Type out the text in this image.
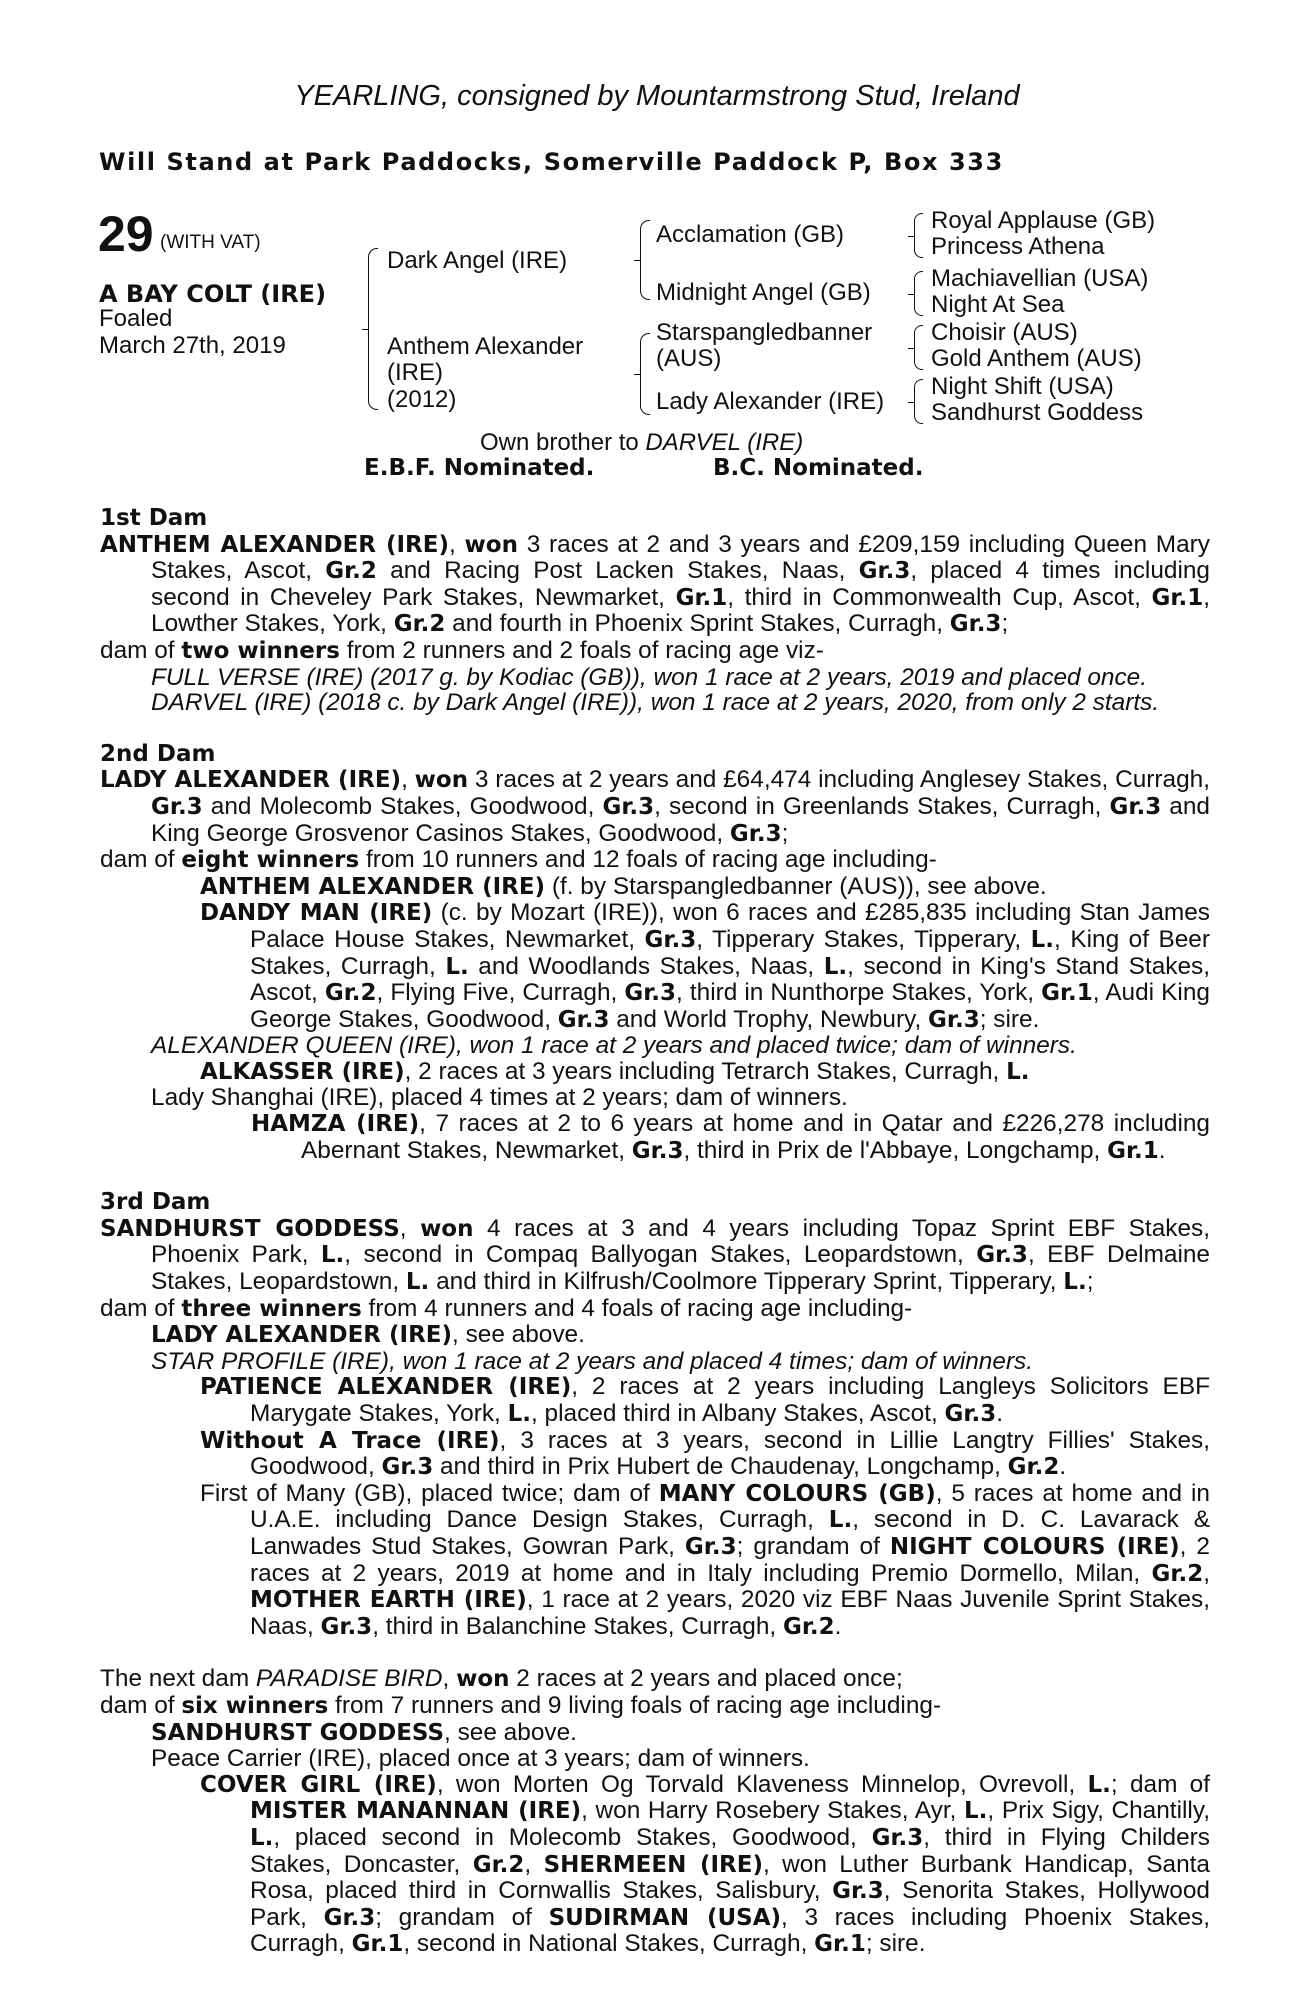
YEARLING, consigned by Mountarmstrong Stud, Ireland
Will Stand at Park Paddocks, Somerville Paddock P, Box 333
29 (WITH VAT)
A BAY COLT (IRE)
Foaled
March 27th, 2019
Dark Angel (IRE)
Anthem Alexander
(IRE)
(2012)
Acclamation (GB)
Midnight Angel (GB)
Starspangledbanner
(AUS)
Lady Alexander (IRE)
Royal Applause (GB)
Princess Athena
Machiavellian (USA)
Night At Sea
Choisir (AUS)
Gold Anthem (AUS)
Night Shift (USA)
Sandhurst Goddess
Own brother to DARVEL (IRE)
E.B.F. Nominated.	B.C. Nominated.

1st Dam

ANTHEM ALEXANDER (IRE), won 3 races at 2 and 3 years and £209,159 including Queen Mary Stakes, Ascot, Gr.2 and Racing Post Lacken Stakes, Naas, Gr.3, placed 4 times including second in Cheveley Park Stakes, Newmarket, Gr.1, third in Commonwealth Cup, Ascot, Gr.1, Lowther Stakes, York, Gr.2 and fourth in Phoenix Sprint Stakes, Curragh, Gr.3;

dam of two winners from 2 runners and 2 foals of racing age viz-

FULL VERSE (IRE) (2017 g. by Kodiac (GB)), won 1 race at 2 years, 2019 and placed once.

DARVEL (IRE) (2018 c. by Dark Angel (IRE)), won 1 race at 2 years, 2020, from only 2 starts.

2nd Dam

LADY ALEXANDER (IRE), won 3 races at 2 years and £64,474 including Anglesey Stakes, Curragh, Gr.3 and Molecomb Stakes, Goodwood, Gr.3, second in Greenlands Stakes, Curragh, Gr.3 and King George Grosvenor Casinos Stakes, Goodwood, Gr.3;

dam of eight winners from 10 runners and 12 foals of racing age including-

ANTHEM ALEXANDER (IRE) (f. by Starspangledbanner (AUS)), see above.

DANDY MAN (IRE) (c. by Mozart (IRE)), won 6 races and £285,835 including Stan James Palace House Stakes, Newmarket, Gr.3, Tipperary Stakes, Tipperary, L., King of Beer Stakes, Curragh, L. and Woodlands Stakes, Naas, L., second in King's Stand Stakes, Ascot, Gr.2, Flying Five, Curragh, Gr.3, third in Nunthorpe Stakes, York, Gr.1, Audi King George Stakes, Goodwood, Gr.3 and World Trophy, Newbury, Gr.3; sire.

ALEXANDER QUEEN (IRE), won 1 race at 2 years and placed twice; dam of winners.

ALKASSER (IRE), 2 races at 3 years including Tetrarch Stakes, Curragh, L.

Lady Shanghai (IRE), placed 4 times at 2 years; dam of winners.

HAMZA (IRE), 7 races at 2 to 6 years at home and in Qatar and £226,278 including Abernant Stakes, Newmarket, Gr.3, third in Prix de l'Abbaye, Longchamp, Gr.1.

3rd Dam

SANDHURST GODDESS, won 4 races at 3 and 4 years including Topaz Sprint EBF Stakes, Phoenix Park, L., second in Compaq Ballyogan Stakes, Leopardstown, Gr.3, EBF Delmaine Stakes, Leopardstown, L. and third in Kilfrush/Coolmore Tipperary Sprint, Tipperary, L.;

dam of three winners from 4 runners and 4 foals of racing age including-

LADY ALEXANDER (IRE), see above.

STAR PROFILE (IRE), won 1 race at 2 years and placed 4 times; dam of winners.

PATIENCE ALEXANDER (IRE), 2 races at 2 years including Langleys Solicitors EBF Marygate Stakes, York, L., placed third in Albany Stakes, Ascot, Gr.3.

Without A Trace (IRE), 3 races at 3 years, second in Lillie Langtry Fillies' Stakes, Goodwood, Gr.3 and third in Prix Hubert de Chaudenay, Longchamp, Gr.2.

First of Many (GB), placed twice; dam of MANY COLOURS (GB), 5 races at home and in U.A.E. including Dance Design Stakes, Curragh, L., second in D. C. Lavarack & Lanwades Stud Stakes, Gowran Park, Gr.3; grandam of NIGHT COLOURS (IRE), 2 races at 2 years, 2019 at home and in Italy including Premio Dormello, Milan, Gr.2, MOTHER EARTH (IRE), 1 race at 2 years, 2020 viz EBF Naas Juvenile Sprint Stakes, Naas, Gr.3, third in Balanchine Stakes, Curragh, Gr.2.

The next dam PARADISE BIRD, won 2 races at 2 years and placed once;

dam of six winners from 7 runners and 9 living foals of racing age including-

SANDHURST GODDESS, see above.

Peace Carrier (IRE), placed once at 3 years; dam of winners.

COVER GIRL (IRE), won Morten Og Torvald Klaveness Minnelop, Ovrevoll, L.; dam of MISTER MANANNAN (IRE), won Harry Rosebery Stakes, Ayr, L., Prix Sigy, Chantilly, L., placed second in Molecomb Stakes, Goodwood, Gr.3, third in Flying Childers Stakes, Doncaster, Gr.2, SHERMEEN (IRE), won Luther Burbank Handicap, Santa Rosa, placed third in Cornwallis Stakes, Salisbury, Gr.3, Senorita Stakes, Hollywood Park, Gr.3; grandam of SUDIRMAN (USA), 3 races including Phoenix Stakes, Curragh, Gr.1, second in National Stakes, Curragh, Gr.1; sire.
